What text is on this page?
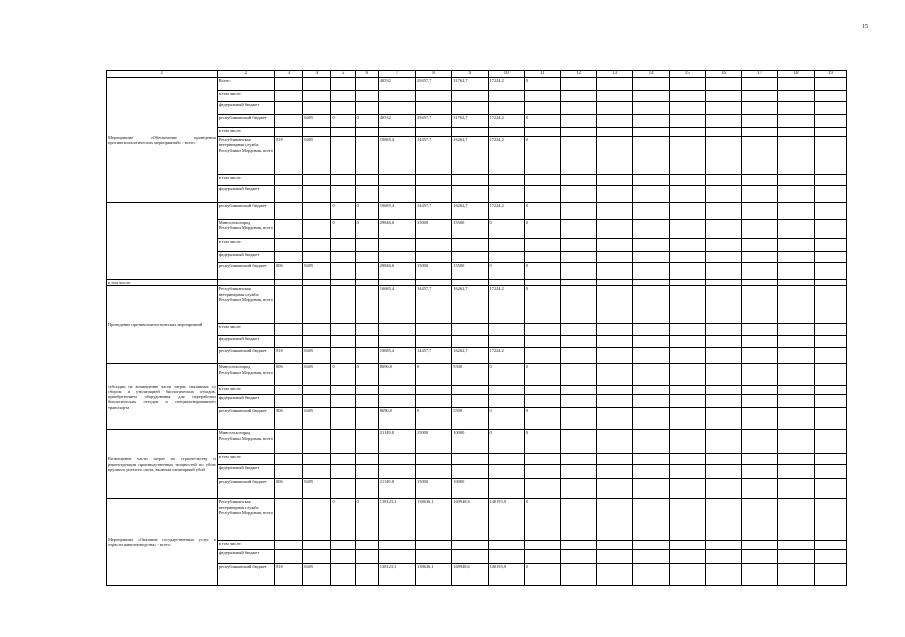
15
1	2	3	4	5	6	7	8	9	10	11	12	13	14	15	16	17	18	19
Мероприятие «Обеспечение проведения противоэпизоотических мероприятий» - всего:	Всего:					40532	29457,7	31762,7	17224,2	0								
	в том числе:																	
	федеральный бюджет																	
	республиканский бюджет		0405	0	0	40532	29457,7	31762,7	17224,2	0								
	в том числе:																	
	Республиканская ветеринарная служба Республики Мордовия, всего	818	0405			10685,4	14457,7	16262,7	17224,2	0								
	в том числе:																	
	федеральный бюджет																	
	республиканский бюджет			0	0	10685,4	14457,7	16262,7	17224,2	0								
	Минсельхозпрод Республики Мордовия, всего			0	0	29846,6	15000	15500	0	0								
	в том числе:																	
	федеральный бюджет																	
	республиканский бюджет	806	0405			29846,6	15000	15500	0	0								
в том числе:																		
Проведение противоэпизоотических мероприятий	Республиканская ветеринарная служба Республики Мордовия, всего					10685,4	14457,7	16262,7	17224,2	0								
	в том числе:																	
	федеральный бюджет																	
	республиканский бюджет	818	0405			10685,4	14457,7	16262,7	17224,2									
субсидии на возмещение части затрат, связанных со сбором и утилизацией биологических отходов, приобретением оборудования для переработки биологических отходов и специализированного транспорта	Минсельхозпрод Республики Мордовия, всего	806	0405	0	0	8696,8	0	5500	0	0								
	в том числе:																	
	федеральный бюджет																	
	республиканский бюджет	806	0405			8696,8	0	5500	0	0								
Возмещение части затрат по строительству и реконструкции производственных мощностей по убою крупного рогатого скота, включая санитарный убой	Минсельхозпрод Республики Мордовия, всего					21149,8	15000	10000	0	0								
	в том числе:																	
	федеральный бюджет																	
	республиканский бюджет	806	0405			21149,8	15000	10000										
Мероприятие «Оказание государственных услуг в отрасли животноводства» - всего:	Республиканская ветеринарная служба Республики Мордовия, всего			0	0	138123,3	138636,1	169948,6	140193,9	0								
	в том числе:																	
	федеральный бюджет																	
	республиканский бюджет	818	0405			138123,3	138636,1	169948,6	140193,9	0								
